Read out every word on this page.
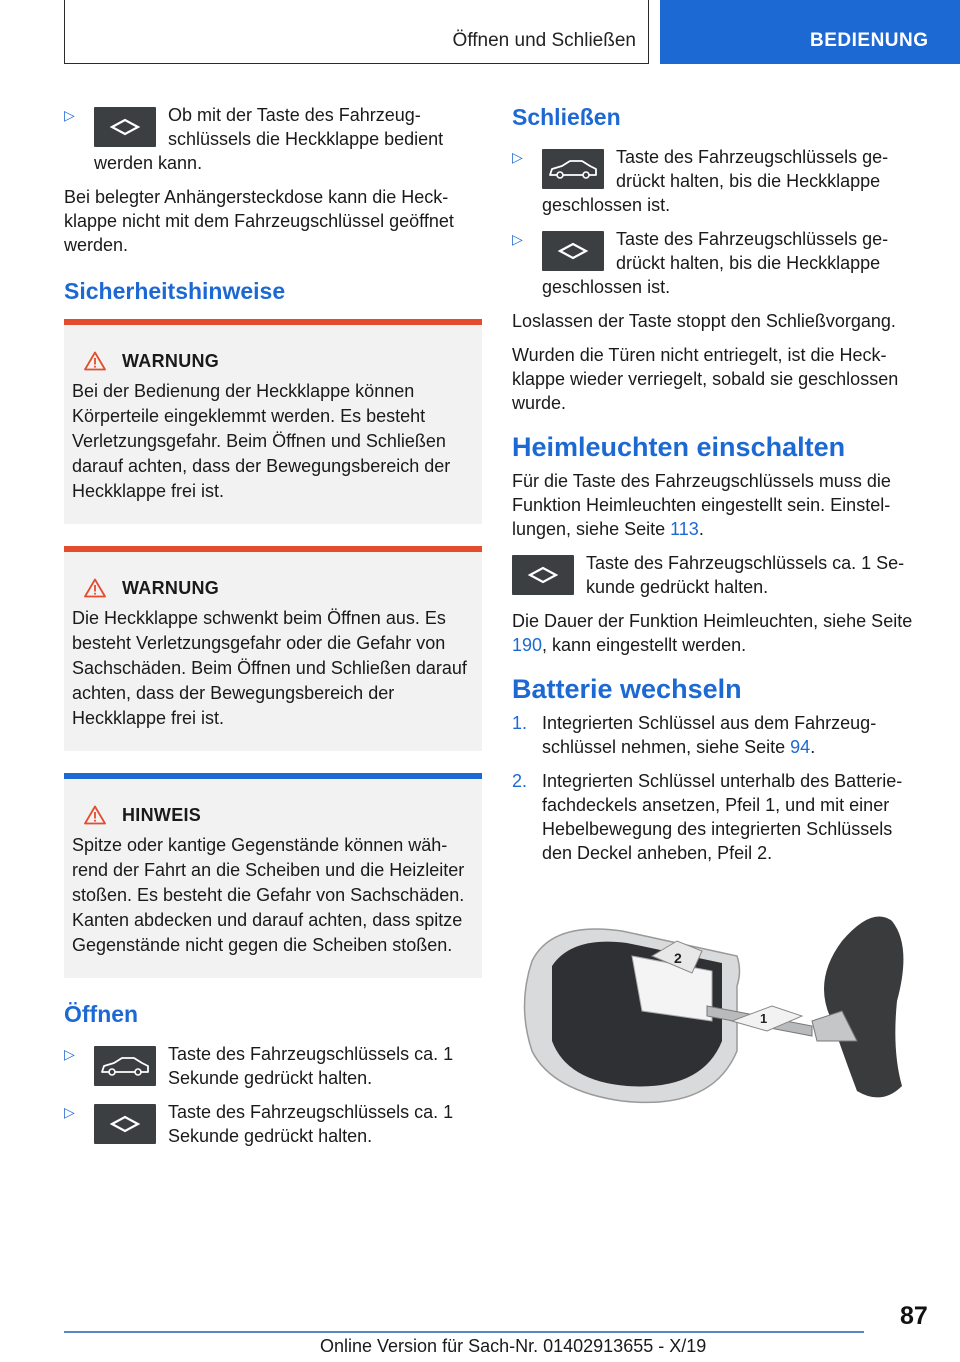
Öffnen und Schließen	BEDIENUNG
▷	Ob mit der Taste des Fahrzeugschlüssels die Heckklappe bedient werden kann.

Bei belegter Anhängersteckdose kann die Heckklappe nicht mit dem Fahrzeugschlüssel geöffnet werden.

Sicherheitshinweise
WARNUNG
Bei der Bedienung der Heckklappe können Körperteile eingeklemmt werden. Es besteht Verletzungsgefahr. Beim Öffnen und Schließen darauf achten, dass der Bewegungsbereich der Heckklappe frei ist.
WARNUNG
Die Heckklappe schwenkt beim Öffnen aus. Es besteht Verletzungsgefahr oder die Gefahr von Sachschäden. Beim Öffnen und Schließen darauf achten, dass der Bewegungsbereich der Heckklappe frei ist.
HINWEIS
Spitze oder kantige Gegenstände können während der Fahrt an die Scheiben und die Heizleiter stoßen. Es besteht die Gefahr von Sachschäden. Kanten abdecken und darauf achten, dass spitze Gegenstände nicht gegen die Scheiben stoßen.
Öffnen
▷	Taste des Fahrzeugschlüssels ca. 1 Sekunde gedrückt halten.
▷	Taste des Fahrzeugschlüssels ca. 1 Sekunde gedrückt halten.
Schließen
▷	Taste des Fahrzeugschlüssels gedrückt halten, bis die Heckklappe geschlossen ist.
▷	Taste des Fahrzeugschlüssels gedrückt halten, bis die Heckklappe geschlossen ist.

Loslassen der Taste stoppt den Schließvorgang.

Wurden die Türen nicht entriegelt, ist die Heckklappe wieder verriegelt, sobald sie geschlossen wurde.

Heimleuchten einschalten

Für die Taste des Fahrzeugschlüssels muss die Funktion Heimleuchten eingestellt sein. Einstellungen, siehe Seite 113.

Taste des Fahrzeugschlüssels ca. 1 Sekunde gedrückt halten.

Die Dauer der Funktion Heimleuchten, siehe Seite 190, kann eingestellt werden.

Batterie wechseln
1. Integrierten Schlüssel aus dem Fahrzeugschlüssel nehmen, siehe Seite 94.
2. Integrierten Schlüssel unterhalb des Batteriefachdeckels ansetzen, Pfeil 1, und mit einer Hebelbewegung des integrierten Schlüssels den Deckel anheben, Pfeil 2.
2
1
87
Online Version für Sach-Nr. 01402913655 - X/19
